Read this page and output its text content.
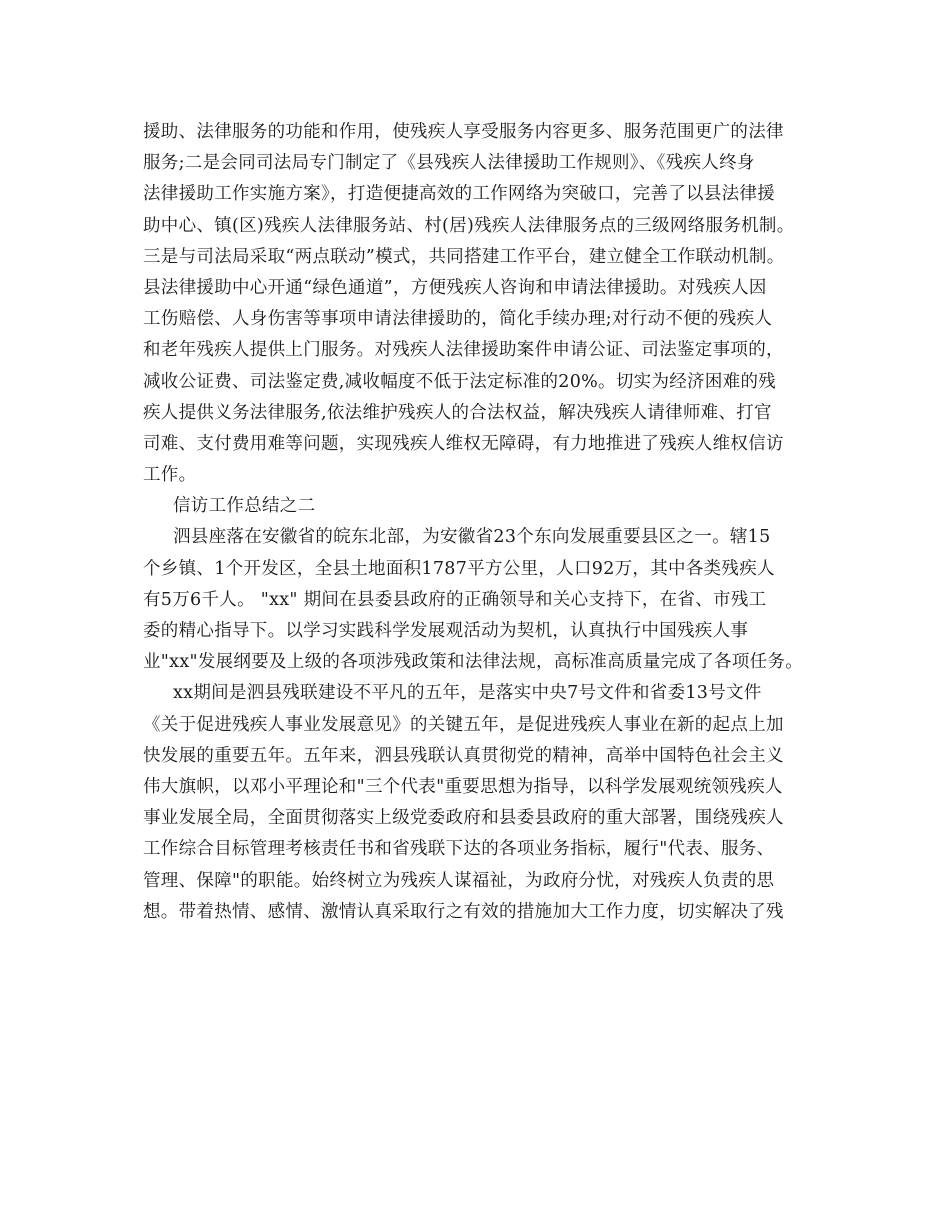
援助、法律服务的功能和作用，使残疾人享受服务内容更多、服务范围更广的法律
服务;二是会同司法局专门制定了《县残疾人法律援助工作规则》、《残疾人终身
法律援助工作实施方案》，打造便捷高效的工作网络为突破口，完善了以县法律援
助中心、镇(区)残疾人法律服务站、村(居)残疾人法律服务点的三级网络服务机制。
三是与司法局采取“两点联动”模式，共同搭建工作平台，建立健全工作联动机制。
县法律援助中心开通“绿色通道”，方便残疾人咨询和申请法律援助。对残疾人因
工伤赔偿、人身伤害等事项申请法律援助的，简化手续办理;对行动不便的残疾人
和老年残疾人提供上门服务。对残疾人法律援助案件申请公证、司法鉴定事项的，
减收公证费、司法鉴定费,减收幅度不低于法定标准的20%。切实为经济困难的残
疾人提供义务法律服务,依法维护残疾人的合法权益，解决残疾人请律师难、打官
司难、支付费用难等问题，实现残疾人维权无障碍，有力地推进了残疾人维权信访
工作。
信访工作总结之二
泗县座落在安徽省的皖东北部，为安徽省23个东向发展重要县区之一。辖15
个乡镇、1个开发区，全县土地面积1787平方公里，人口92万，其中各类残疾人
有5万6千人。 "xx" 期间在县委县政府的正确领导和关心支持下，在省、市残工
委的精心指导下。以学习实践科学发展观活动为契机，认真执行中国残疾人事
业"xx"发展纲要及上级的各项涉残政策和法律法规，高标准高质量完成了各项任务。
xx期间是泗县残联建设不平凡的五年，是落实中央7号文件和省委13号文件
《关于促进残疾人事业发展意见》的关键五年，是促进残疾人事业在新的起点上加
快发展的重要五年。五年来，泗县残联认真贯彻党的精神，高举中国特色社会主义
伟大旗帜，以邓小平理论和"三个代表"重要思想为指导，以科学发展观统领残疾人
事业发展全局，全面贯彻落实上级党委政府和县委县政府的重大部署，围绕残疾人
工作综合目标管理考核责任书和省残联下达的各项业务指标，履行"代表、服务、
管理、保障"的职能。始终树立为残疾人谋福祉，为政府分忧，对残疾人负责的思
想。带着热情、感情、激情认真采取行之有效的措施加大工作力度，切实解决了残
